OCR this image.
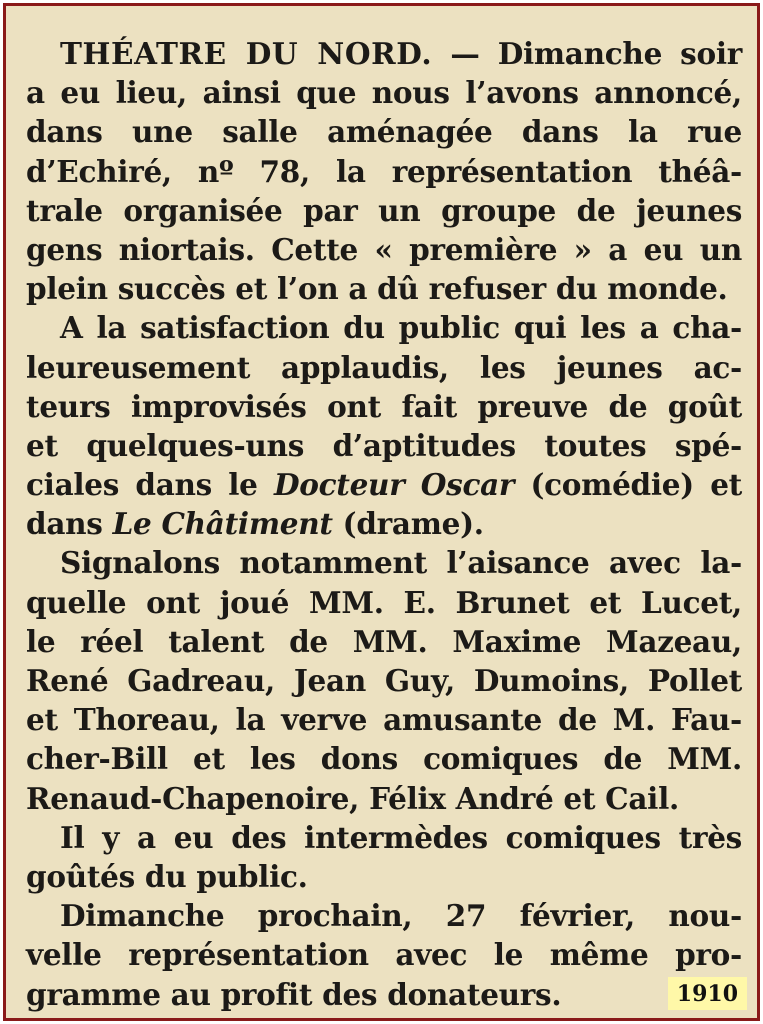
THÉATRE DU NORD. — Dimanche soir
a eu lieu, ainsi que nous l’avons annoncé,
dans une salle aménagée dans la rue
d’Echiré, nº 78, la représentation théâ-
trale organisée par un groupe de jeunes
gens niortais. Cette « première » a eu un
plein succès et l’on a dû refuser du monde.
A la satisfaction du public qui les a cha-
leureusement applaudis, les jeunes ac-
teurs improvisés ont fait preuve de goût
et quelques-uns d’aptitudes toutes spé-
ciales dans le Docteur Oscar (comédie) et
dans Le Châtiment (drame).
Signalons notamment l’aisance avec la-
quelle ont joué MM. E. Brunet et Lucet,
le réel talent de MM. Maxime Mazeau,
René Gadreau, Jean Guy, Dumoins, Pollet
et Thoreau, la verve amusante de M. Fau-
cher-Bill et les dons comiques de MM.
Renaud-Chapenoire, Félix André et Cail.
Il y a eu des intermèdes comiques très
goûtés du public.
Dimanche prochain, 27 février, nou-
velle représentation avec le même pro-
gramme au profit des donateurs.	1910
